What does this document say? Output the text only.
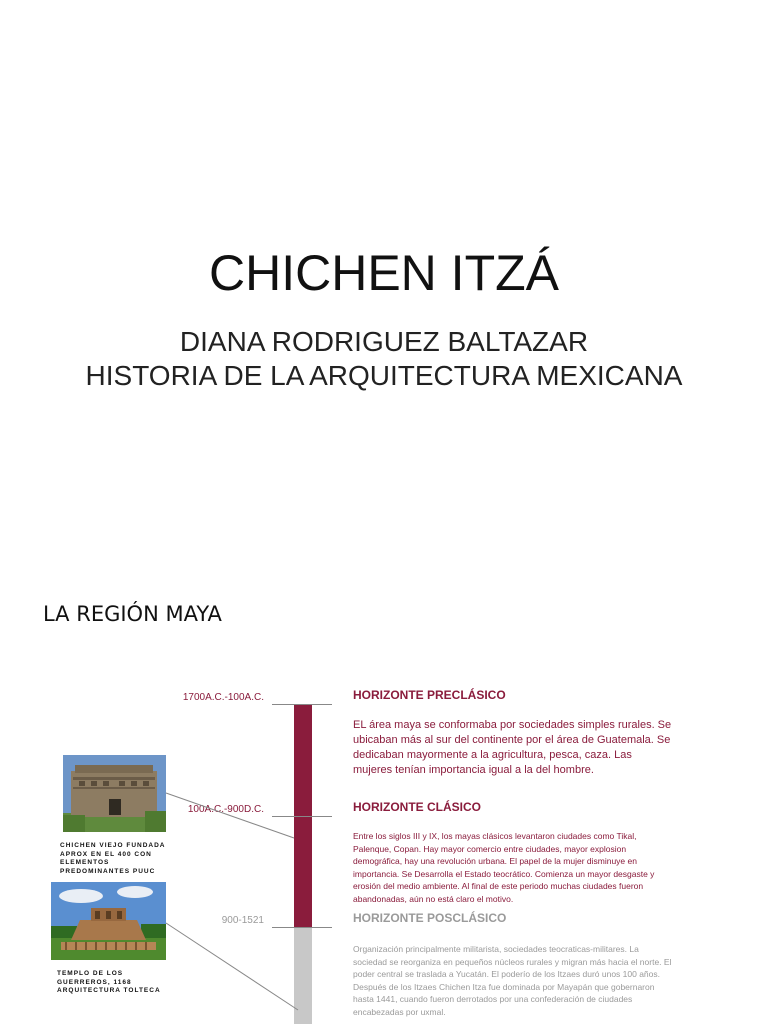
CHICHEN ITZÁ
DIANA RODRIGUEZ BALTAZAR
HISTORIA DE LA ARQUITECTURA MEXICANA
LA REGIÓN MAYA
1700A.C.-100A.C.
100A.C.-900D.C.
900-1521
HORIZONTE PRECLÁSICO
HORIZONTE CLÁSICO
HORIZONTE POSCLÁSICO
EL área maya se conformaba por sociedades simples rurales. Se ubicaban más al sur del continente por el área de Guatemala. Se dedicaban mayormente a la agricultura, pesca, caza. Las mujeres tenían importancia igual a la del hombre.
Entre los siglos III y IX, los mayas clásicos levantaron ciudades como Tikal, Palenque, Copan. Hay mayor comercio entre ciudades, mayor explosion demográfica, hay una revolución urbana. El papel de la mujer disminuye en importancia. Se Desarrolla el Estado teocrático. Comienza un mayor desgaste y erosión del medio ambiente. Al final de este periodo muchas ciudades fueron abandonadas, aún no está claro el motivo.
Organización principalmente militarista, sociedades teocraticas-militares. La sociedad se reorganiza en pequeños núcleos rurales y migran más hacia el norte. El poder central se traslada a Yucatán. El poderío de los Itzaes duró unos 100 años. Después de los Itzaes Chichen Itza fue dominada por Mayapán que gobernaron hasta 1441, cuando fueron derrotados por una confederación de ciudades encabezadas por uxmal.
CHICHEN VIEJO FUNDADA APROX EN EL 400 CON ELEMENTOS PREDOMINANTES PUUC
TEMPLO DE LOS GUERREROS, 1168 ARQUITECTURA TOLTECA
